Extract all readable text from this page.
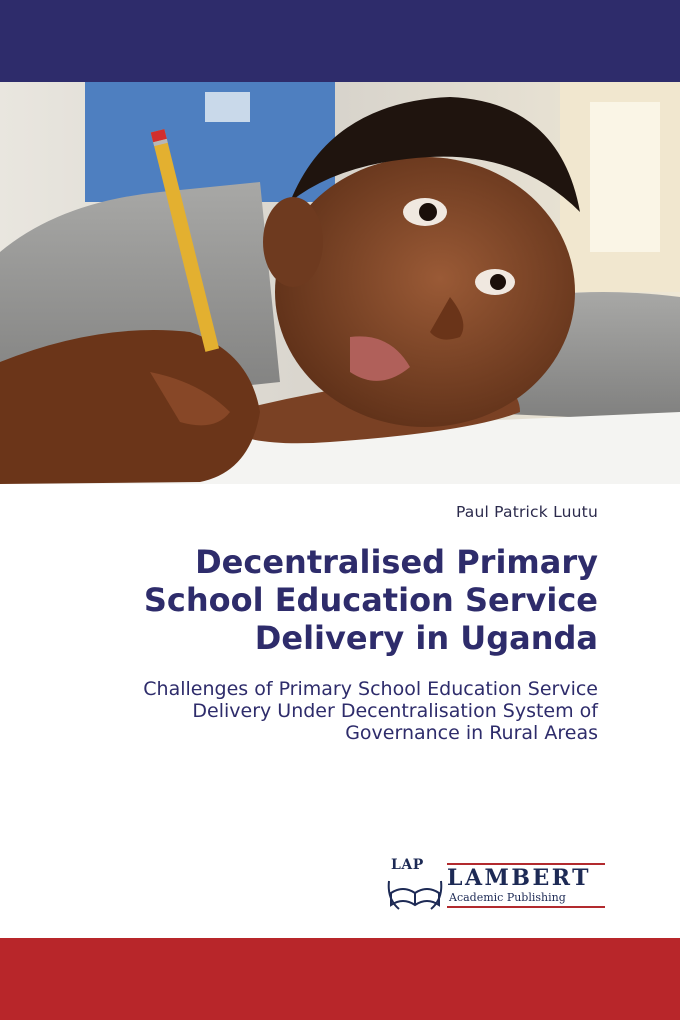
Paul Patrick Luutu
Decentralised Primary
School Education Service
Delivery in Uganda
Challenges of Primary School Education Service
Delivery Under Decentralisation System of
Governance in Rural Areas
LAP LAMBERT
Academic Publishing
